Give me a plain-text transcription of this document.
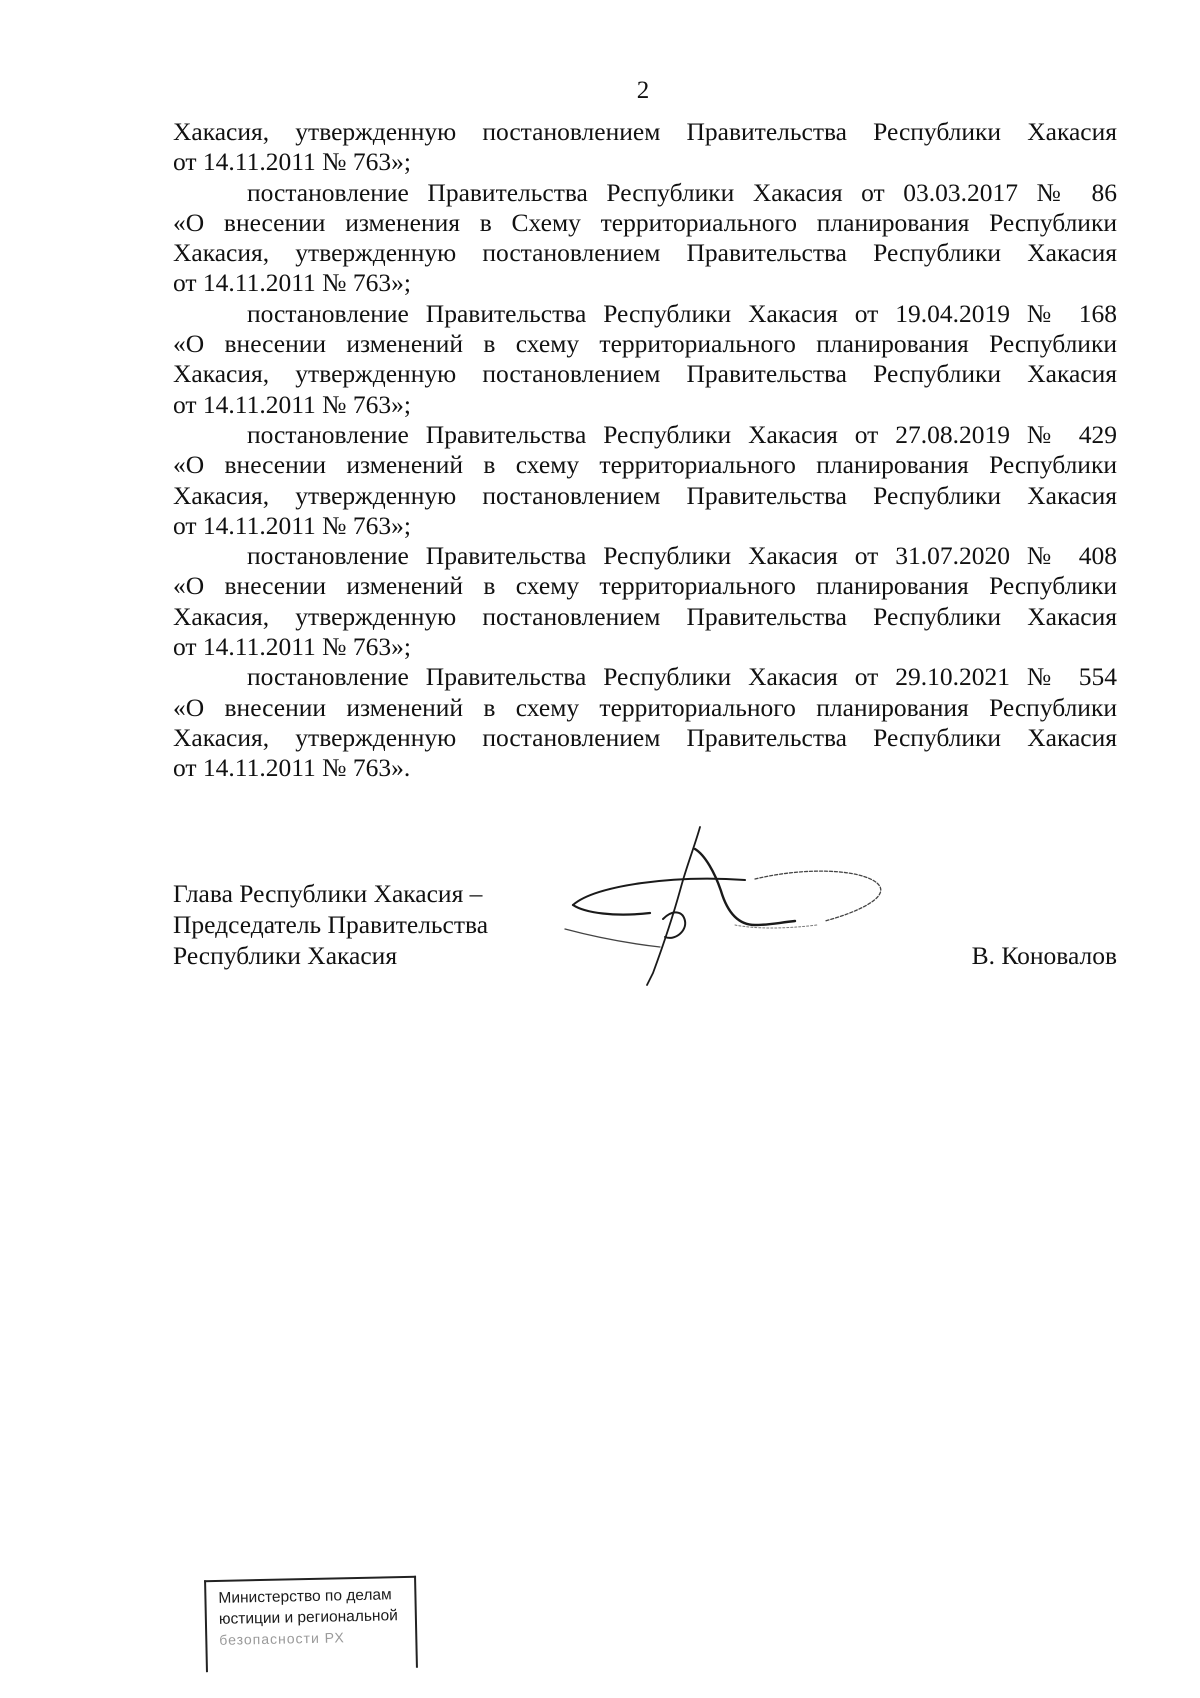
2
Хакасия, утвержденную постановлением Правительства Республики Хакасия
от 14.11.2011 № 763»;
постановление Правительства Республики Хакасия от 03.03.2017 № 86
«О внесении изменения в Схему территориального планирования Республики
Хакасия, утвержденную постановлением Правительства Республики Хакасия
от 14.11.2011 № 763»;
постановление Правительства Республики Хакасия от 19.04.2019 № 168
«О внесении изменений в схему территориального планирования Республики
Хакасия, утвержденную постановлением Правительства Республики Хакасия
от 14.11.2011 № 763»;
постановление Правительства Республики Хакасия от 27.08.2019 № 429
«О внесении изменений в схему территориального планирования Республики
Хакасия, утвержденную постановлением Правительства Республики Хакасия
от 14.11.2011 № 763»;
постановление Правительства Республики Хакасия от 31.07.2020 № 408
«О внесении изменений в схему территориального планирования Республики
Хакасия, утвержденную постановлением Правительства Республики Хакасия
от 14.11.2011 № 763»;
постановление Правительства Республики Хакасия от 29.10.2021 № 554
«О внесении изменений в схему территориального планирования Республики
Хакасия, утвержденную постановлением Правительства Республики Хакасия
от 14.11.2011 № 763».
Глава Республики Хакасия –
Председатель Правительства
Республики Хакасия	В. Коновалов
Министерство по делам
юстиции и региональной
безопасности РХ
